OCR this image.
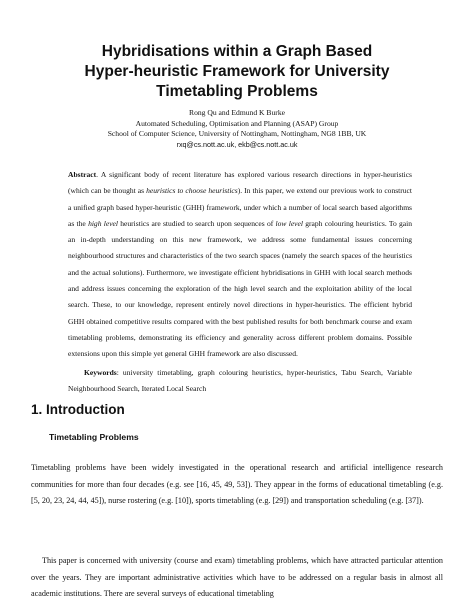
Hybridisations within a Graph Based
Hyper-heuristic Framework for University
Timetabling Problems
Rong Qu and Edmund K Burke
Automated Scheduling, Optimisation and Planning (ASAP) Group
School of Computer Science, University of Nottingham, Nottingham, NG8 1BB, UK
rxq@cs.nott.ac.uk, ekb@cs.nott.ac.uk

Abstract. A significant body of recent literature has explored various research directions in hyper-heuristics (which can be thought as heuristics to choose heuristics). In this paper, we extend our previous work to construct a unified graph based hyper-heuristic (GHH) framework, under which a number of local search based algorithms as the high level heuristics are studied to search upon sequences of low level graph colouring heuristics. To gain an in-depth understanding on this new framework, we address some fundamental issues concerning neighbourhood structures and characteristics of the two search spaces (namely the search spaces of the heuristics and the actual solutions). Furthermore, we investigate efficient hybridisations in GHH with local search methods and address issues concerning the exploration of the high level search and the exploitation ability of the local search. These, to our knowledge, represent entirely novel directions in hyper-heuristics. The efficient hybrid GHH obtained competitive results compared with the best published results for both benchmark course and exam timetabling problems, demonstrating its efficiency and generality across different problem domains. Possible extensions upon this simple yet general GHH framework are also discussed.

Keywords: university timetabling, graph colouring heuristics, hyper-heuristics, Tabu Search, Variable Neighbourhood Search, Iterated Local Search

1. Introduction
Timetabling Problems

Timetabling problems have been widely investigated in the operational research and artificial intelligence research communities for more than four decades (e.g. see [16, 45, 49, 53]). They appear in the forms of educational timetabling (e.g. [5, 20, 23, 24, 44, 45]), nurse rostering (e.g. [10]), sports timetabling (e.g. [29]) and transportation scheduling (e.g. [37]).

This paper is concerned with university (course and exam) timetabling problems, which have attracted particular attention over the years. They are important administrative activities which have to be addressed on a regular basis in almost all academic institutions. There are several surveys of educational timetabling
